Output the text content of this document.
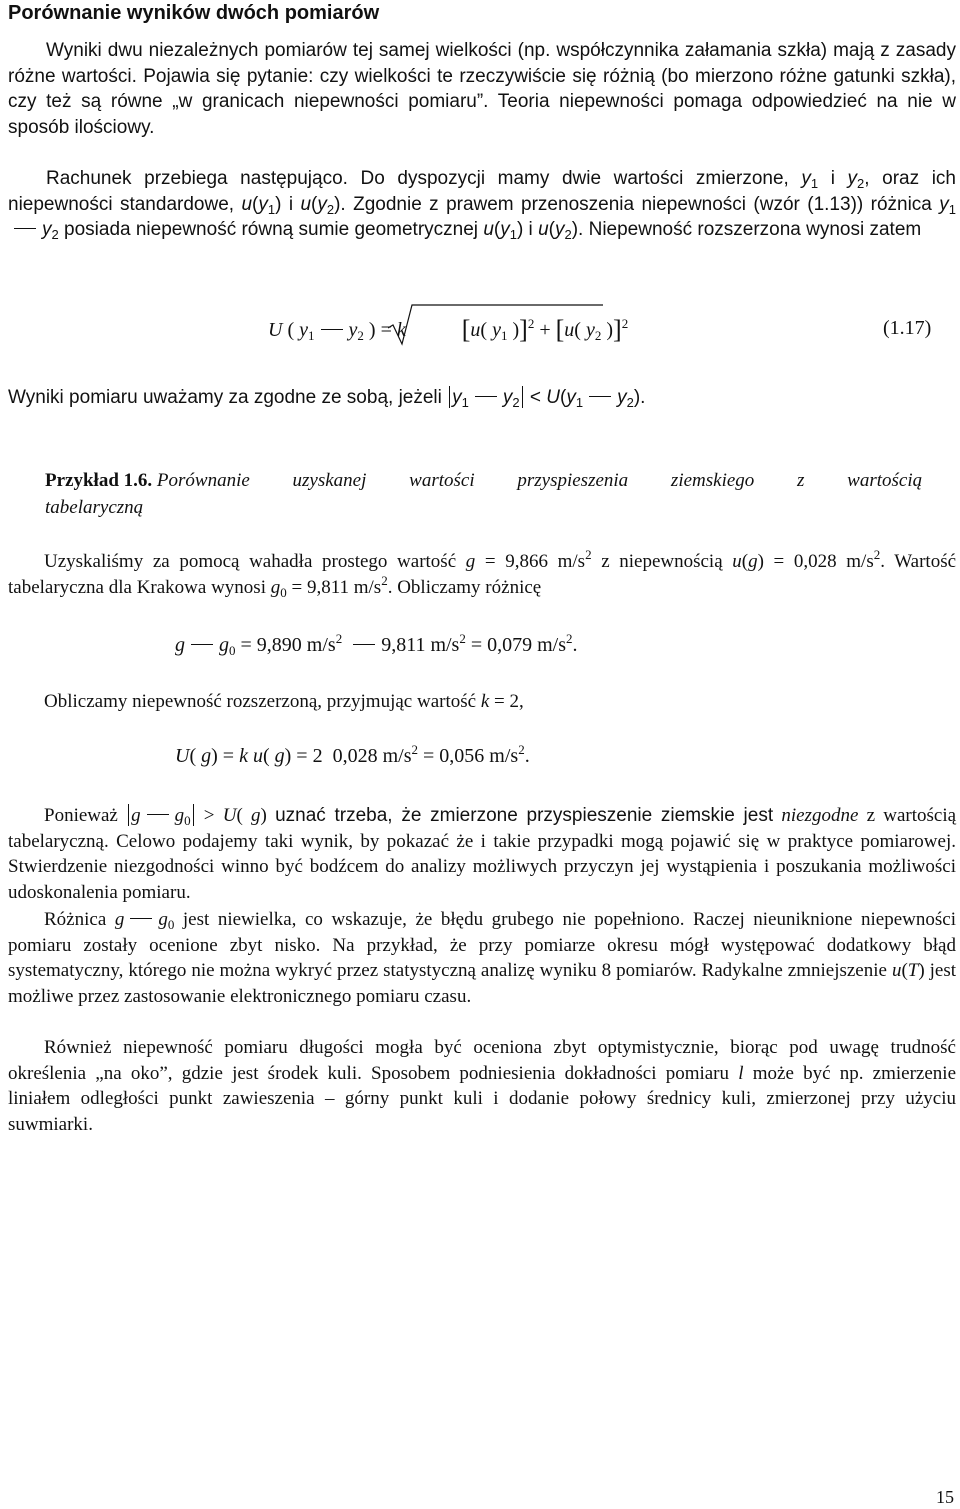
Porównanie wyników dwóch pomiarów
Wyniki dwu niezależnych pomiarów tej samej wielkości (np. współczynnika załamania szkła) mają z zasady różne wartości. Pojawia się pytanie: czy wielkości te rzeczywiście się różnią (bo mierzono różne gatunki szkła), czy też są równe „w granicach niepewności pomiaru”. Teoria niepewności pomaga odpowiedzieć na nie w sposób ilościowy.
Rachunek przebiega następująco. Do dyspozycji mamy dwie wartości zmierzone, $y_1$ i $y_2$, oraz ich niepewności standardowe, $u(y_1)$ i $u(y_2)$. Zgodnie z prawem przenoszenia niepewności (wzór (1.13)) różnica $y_1y_2$ posiada niepewność równą sumie geometrycznej $u(y_1)$ i $u(y_2)$. Niepewność rozszerzona wynosi zatem
U ( $y_1$ $y_2$ ) = k [u( $y_1$ )]$^2$ + [u( $y_2$ )]$^2$	(1.17)
Wyniki pomiaru uważamy za zgodne ze sobą, jeżeli $y_1$ $y_2 < U(y_1$ $y_2$).
Przykład 1.6. Porównanie uzyskanej wartości przyspieszenia ziemskiego z wartością tabelaryczną
Uzyskaliśmy za pomocą wahadła prostego wartość g = 9,866 $m/s^2$ z niepewnością u(g) = 0,028 $m/s^2$. Wartość tabelaryczna dla Krakowa wynosi $g_0 = 9,811$ $m/s^2$. Obliczamy różnicę
g $g_0 = 9,890$ $m/s^2$ 9,811 $m/s^2 = 0,079$ $m/s^2$.
Obliczamy niepewność rozszerzoną, przyjmując wartość k = 2,
U( g) = k u( g) = 2 0,028 $m/s^2 = 0,056$ $m/s^2$.
Ponieważ g $g_0 > U$( g) uznać trzeba, że zmierzone przyspieszenie ziemskie jest niezgodne z wartością tabelaryczną. Celowo podajemy taki wynik, by pokazać że i takie przypadki mogą pojawić się w praktyce pomiarowej. Stwierdzenie niezgodności winno być bodźcem do analizy możliwych przyczyn jej wystąpienia i poszukania możliwości udoskonalenia pomiaru.
Różnica g $g_0$ jest niewielka, co wskazuje, że błędu grubego nie popełniono. Raczej nieuniknione niepewności pomiaru zostały ocenione zbyt nisko. Na przykład, że przy pomiarze okresu mógł występować dodatkowy błąd systematyczny, którego nie można wykryć przez statystyczną analizę wyniku 8 pomiarów. Radykalne zmniejszenie u(T) jest możliwe przez zastosowanie elektronicznego pomiaru czasu.
Również niepewność pomiaru długości mogła być oceniona zbyt optymistycznie, biorąc pod uwagę trudność określenia „na oko”, gdzie jest środek kuli. Sposobem podniesienia dokładności pomiaru l może być np. zmierzenie liniałem odległości punkt zawieszenia – górny punkt kuli i dodanie połowy średnicy kuli, zmierzonej przy użyciu suwmiarki.
15
